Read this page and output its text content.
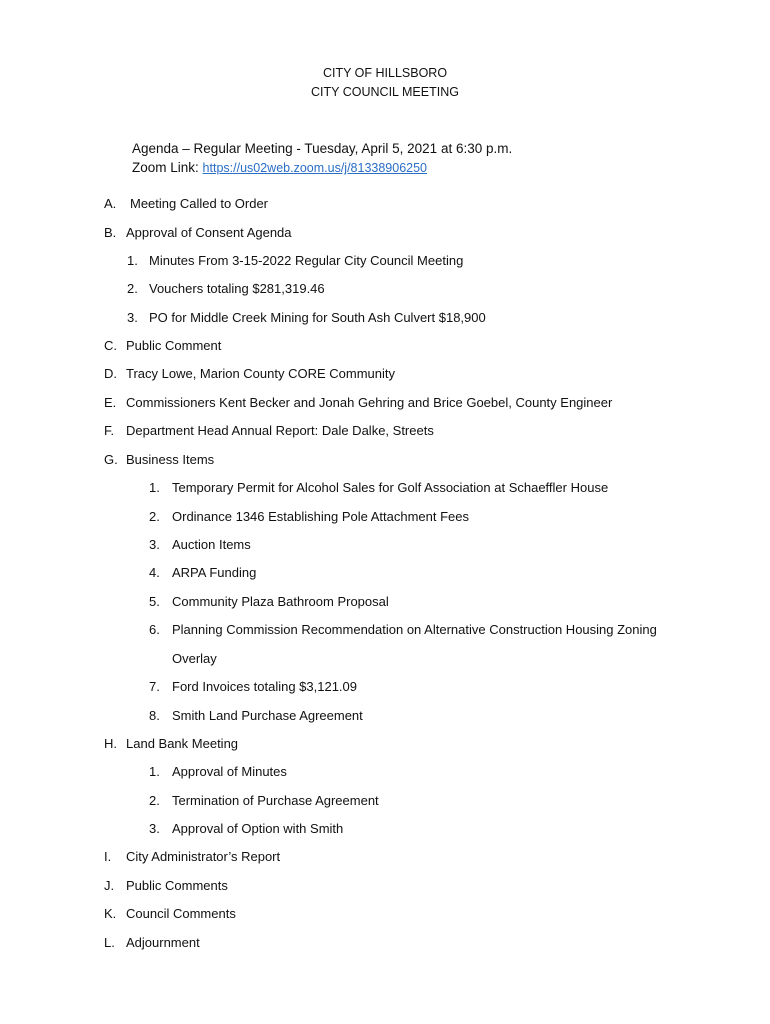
CITY OF HILLSBORO
CITY COUNCIL MEETING
Agenda – Regular Meeting - Tuesday, April 5, 2021 at 6:30 p.m.
Zoom Link: https://us02web.zoom.us/j/81338906250
A. Meeting Called to Order
B. Approval of Consent Agenda
1. Minutes From 3-15-2022 Regular City Council Meeting
2. Vouchers totaling $281,319.46
3. PO for Middle Creek Mining for South Ash Culvert $18,900
C. Public Comment
D. Tracy Lowe, Marion County CORE Community
E. Commissioners Kent Becker and Jonah Gehring and Brice Goebel, County Engineer
F. Department Head Annual Report: Dale Dalke, Streets
G. Business Items
1. Temporary Permit for Alcohol Sales for Golf Association at Schaeffler House
2. Ordinance 1346 Establishing Pole Attachment Fees
3. Auction Items
4. ARPA Funding
5. Community Plaza Bathroom Proposal
6. Planning Commission Recommendation on Alternative Construction Housing Zoning
Overlay
7. Ford Invoices totaling $3,121.09
8. Smith Land Purchase Agreement
H. Land Bank Meeting
1. Approval of Minutes
2. Termination of Purchase Agreement
3. Approval of Option with Smith
I. City Administrator’s Report
J. Public Comments
K. Council Comments
L. Adjournment
